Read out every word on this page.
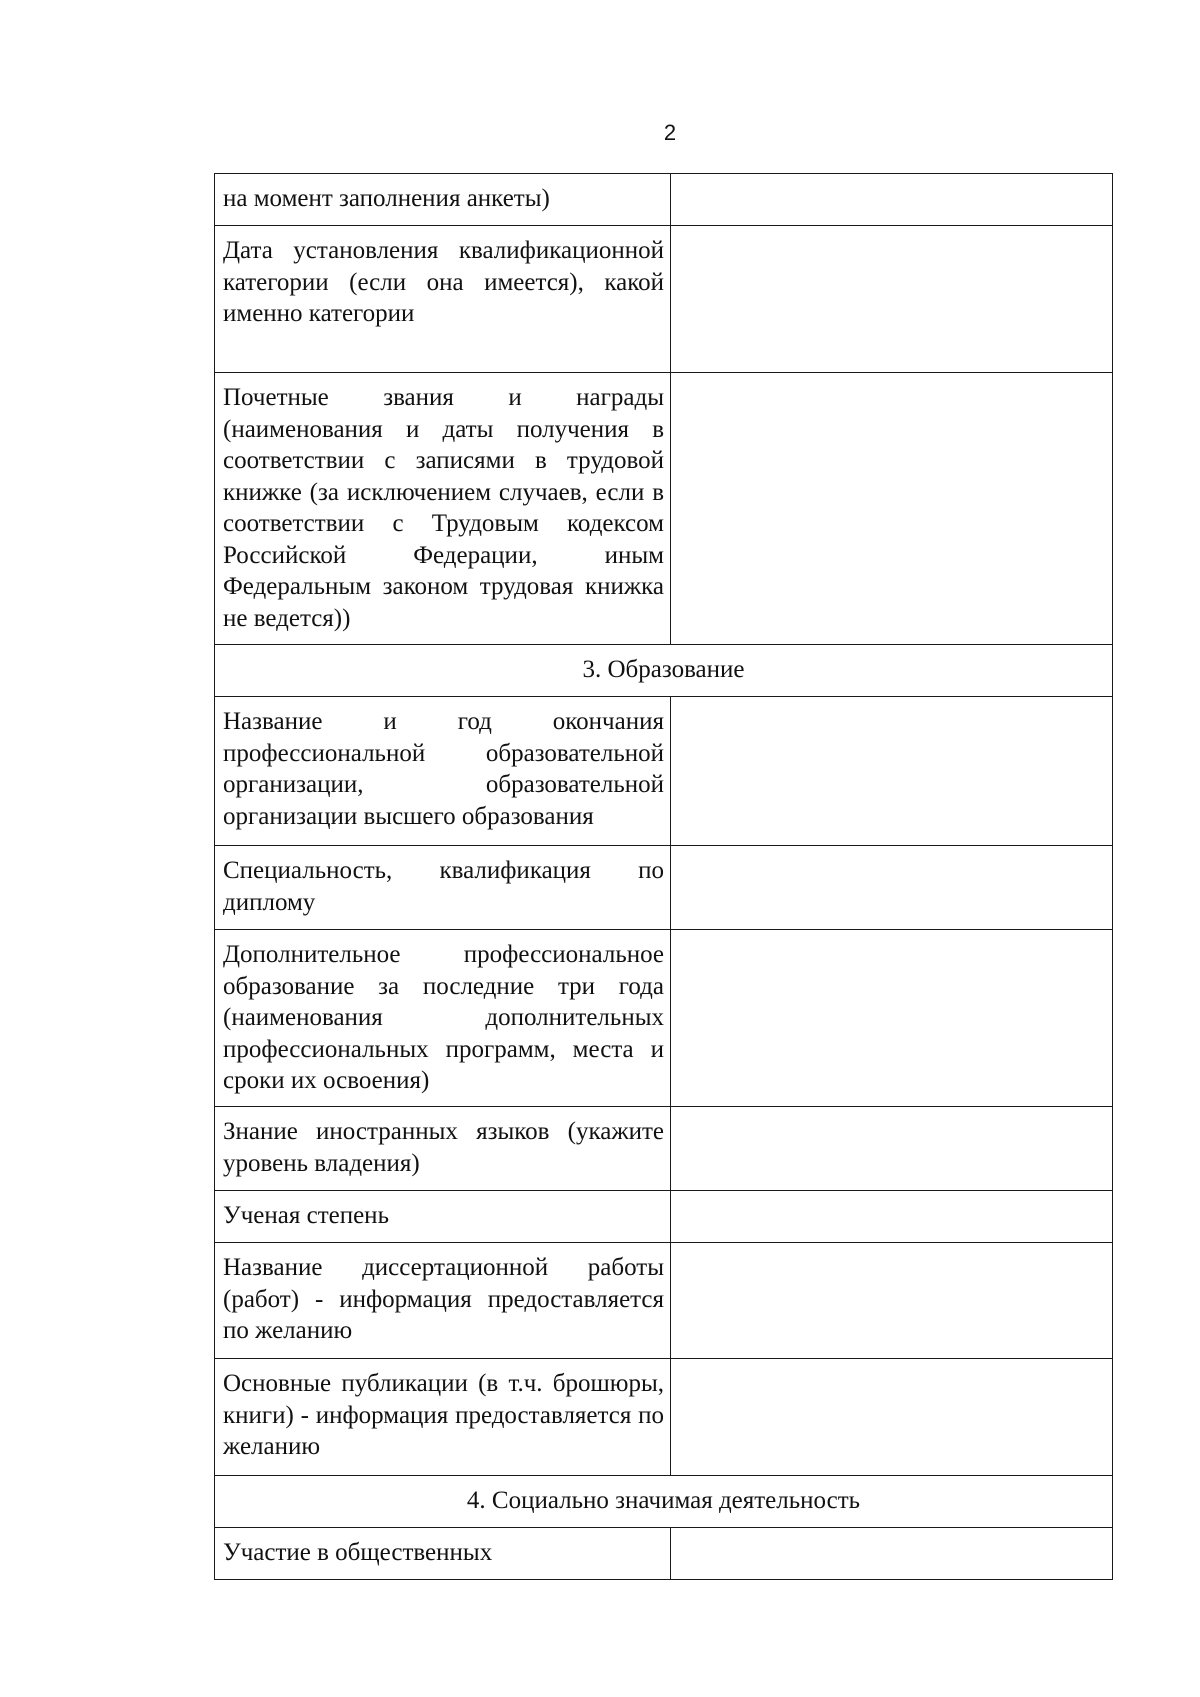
2
на момент заполнения анкеты)	
Дата установления квалификационной категории (если она имеется), какой именно категории	
Почетные звания и награды (наименования и даты получения в соответствии с записями в трудовой книжке (за исключением случаев, если в соответствии с Трудовым кодексом Российской Федерации, иным Федеральным законом трудовая книжка не ведется))	
3. Образование	
Название и год окончания профессиональной образовательной организации, образовательной организации высшего образования	
Специальность, квалификация по диплому	
Дополнительное профессиональное образование за последние три года (наименования дополнительных профессиональных программ, места и сроки их освоения)	
Знание иностранных языков (укажите уровень владения)	
Ученая степень	
Название диссертационной работы (работ) - информация предоставляется по желанию	
Основные публикации (в т.ч. брошюры, книги) - информация предоставляется по желанию	
4. Социально значимая деятельность	
Участие в общественных	
